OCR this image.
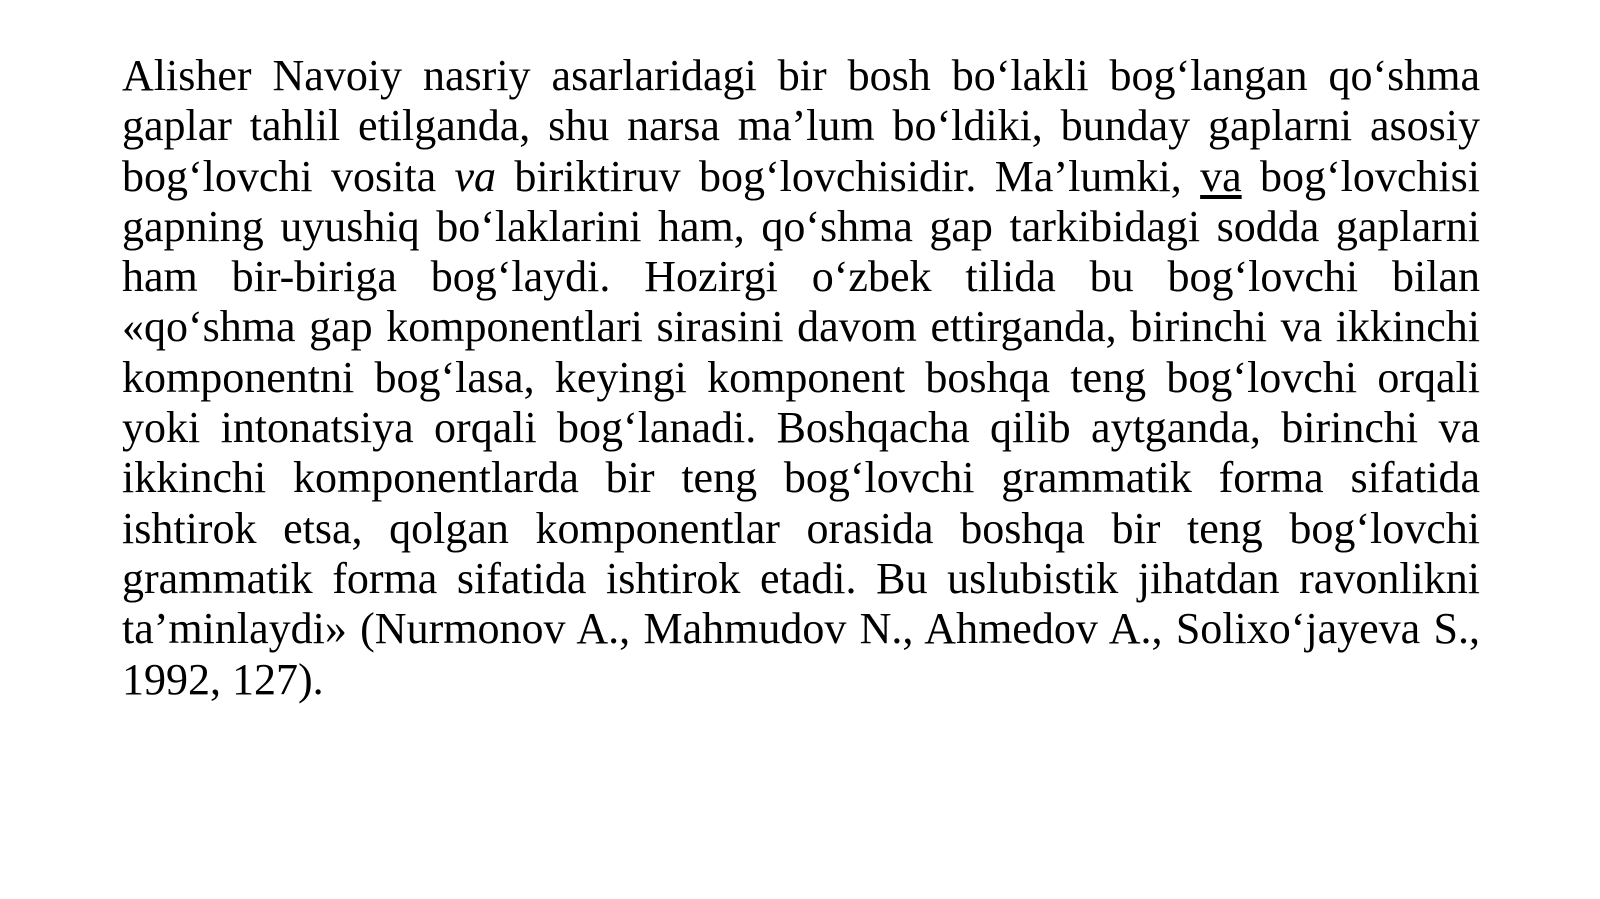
Alisher Navoiy nasriy asarlaridagi bir bosh bo‘lakli bog‘langan qo‘shma gaplar tahlil etilganda, shu narsa ma’lum bo‘ldiki, bunday gaplarni asosiy bog‘lovchi vosita va biriktiruv bog‘lovchisidir. Ma’lumki, va bog‘lovchisi gapning uyushiq bo‘laklarini ham, qo‘shma gap tarkibidagi sodda gaplarni ham bir-biriga bog‘laydi. Hozirgi o‘zbek tilida bu bog‘lovchi bilan «qo‘shma gap komponentlari sirasini davom ettirganda, birinchi va ikkinchi komponentni bog‘lasa, keyingi komponent boshqa teng bog‘lovchi orqali yoki intonatsiya orqali bog‘lanadi. Boshqacha qilib aytganda, birinchi va ikkinchi komponentlarda bir teng bog‘lovchi grammatik forma sifatida ishtirok etsa, qolgan komponentlar orasida boshqa bir teng bog‘lovchi grammatik forma sifatida ishtirok etadi. Bu uslubistik jihatdan ravonlikni ta’minlaydi» (Nurmonov A., Mahmudov N., Ahmedov A., Solixo‘jayeva S., 1992, 127).
